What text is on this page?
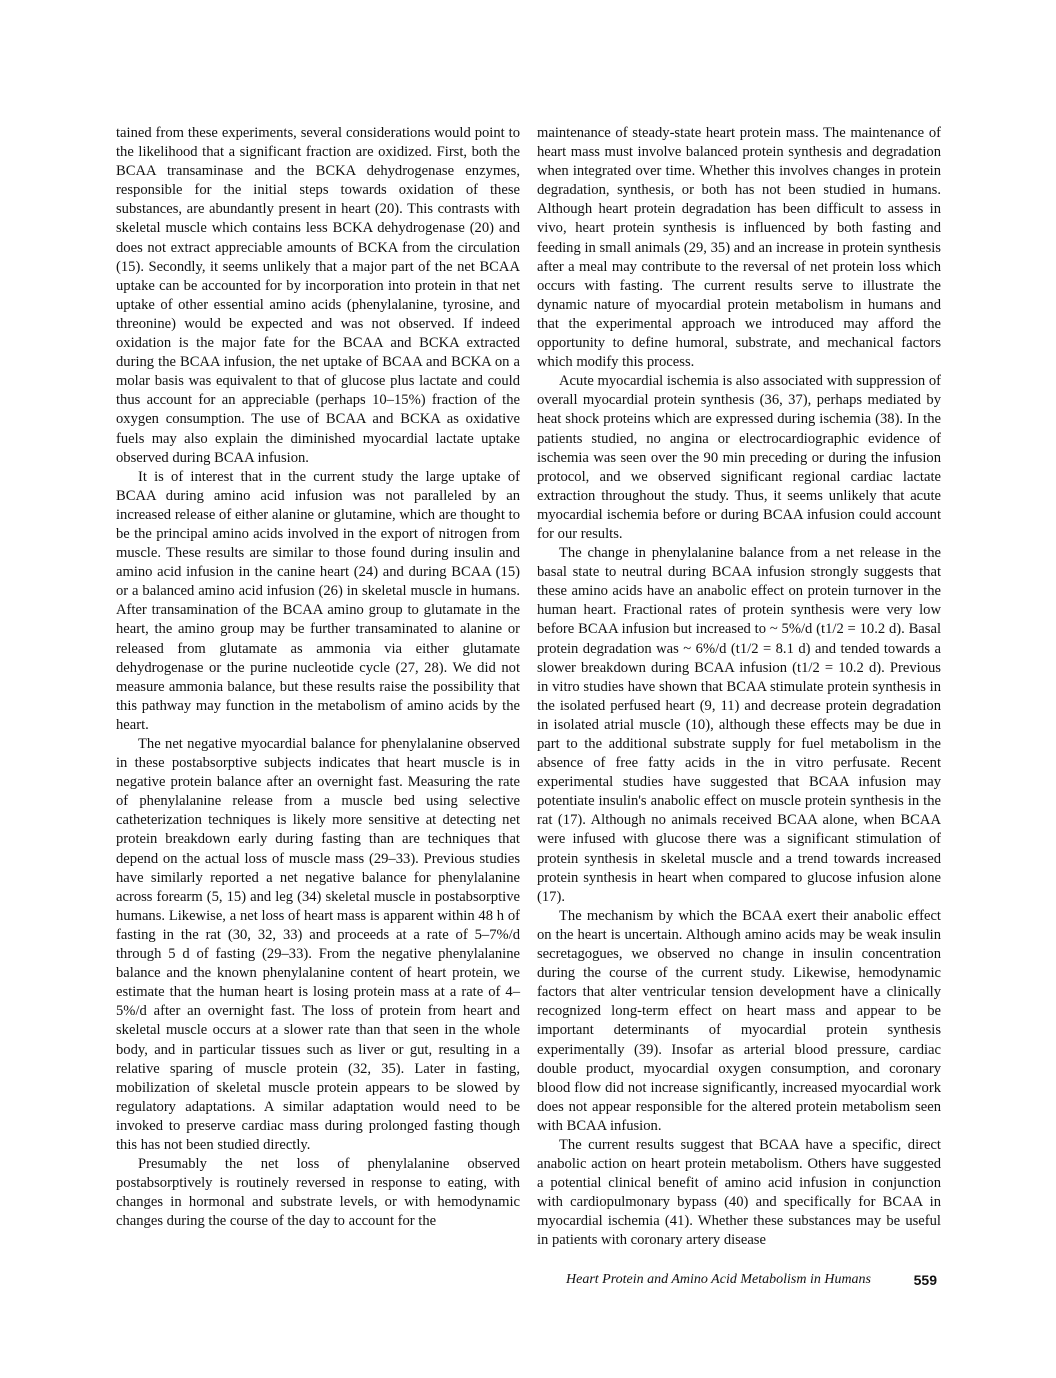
tained from these experiments, several considerations would point to the likelihood that a significant fraction are oxidized. First, both the BCAA transaminase and the BCKA dehydrogenase enzymes, responsible for the initial steps towards oxidation of these substances, are abundantly present in heart (20). This contrasts with skeletal muscle which contains less BCKA dehydrogenase (20) and does not extract appreciable amounts of BCKA from the circulation (15). Secondly, it seems unlikely that a major part of the net BCAA uptake can be accounted for by incorporation into protein in that net uptake of other essential amino acids (phenylalanine, tyrosine, and threonine) would be expected and was not observed. If indeed oxidation is the major fate for the BCAA and BCKA extracted during the BCAA infusion, the net uptake of BCAA and BCKA on a molar basis was equivalent to that of glucose plus lactate and could thus account for an appreciable (perhaps 10–15%) fraction of the oxygen consumption. The use of BCAA and BCKA as oxidative fuels may also explain the diminished myocardial lactate uptake observed during BCAA infusion.

It is of interest that in the current study the large uptake of BCAA during amino acid infusion was not paralleled by an increased release of either alanine or glutamine, which are thought to be the principal amino acids involved in the export of nitrogen from muscle. These results are similar to those found during insulin and amino acid infusion in the canine heart (24) and during BCAA (15) or a balanced amino acid infusion (26) in skeletal muscle in humans. After transamination of the BCAA amino group to glutamate in the heart, the amino group may be further transaminated to alanine or released from glutamate as ammonia via either glutamate dehydrogenase or the purine nucleotide cycle (27, 28). We did not measure ammonia balance, but these results raise the possibility that this pathway may function in the metabolism of amino acids by the heart.

The net negative myocardial balance for phenylalanine observed in these postabsorptive subjects indicates that heart muscle is in negative protein balance after an overnight fast. Measuring the rate of phenylalanine release from a muscle bed using selective catheterization techniques is likely more sensitive at detecting net protein breakdown early during fasting than are techniques that depend on the actual loss of muscle mass (29–33). Previous studies have similarly reported a net negative balance for phenylalanine across forearm (5, 15) and leg (34) skeletal muscle in postabsorptive humans. Likewise, a net loss of heart mass is apparent within 48 h of fasting in the rat (30, 32, 33) and proceeds at a rate of 5–7%/d through 5 d of fasting (29–33). From the negative phenylalanine balance and the known phenylalanine content of heart protein, we estimate that the human heart is losing protein mass at a rate of 4–5%/d after an overnight fast. The loss of protein from heart and skeletal muscle occurs at a slower rate than that seen in the whole body, and in particular tissues such as liver or gut, resulting in a relative sparing of muscle protein (32, 35). Later in fasting, mobilization of skeletal muscle protein appears to be slowed by regulatory adaptations. A similar adaptation would need to be invoked to preserve cardiac mass during prolonged fasting though this has not been studied directly.

Presumably the net loss of phenylalanine observed postabsorptively is routinely reversed in response to eating, with changes in hormonal and substrate levels, or with hemodynamic changes during the course of the day to account for the

maintenance of steady-state heart protein mass. The maintenance of heart mass must involve balanced protein synthesis and degradation when integrated over time. Whether this involves changes in protein degradation, synthesis, or both has not been studied in humans. Although heart protein degradation has been difficult to assess in vivo, heart protein synthesis is influenced by both fasting and feeding in small animals (29, 35) and an increase in protein synthesis after a meal may contribute to the reversal of net protein loss which occurs with fasting. The current results serve to illustrate the dynamic nature of myocardial protein metabolism in humans and that the experimental approach we introduced may afford the opportunity to define humoral, substrate, and mechanical factors which modify this process.

Acute myocardial ischemia is also associated with suppression of overall myocardial protein synthesis (36, 37), perhaps mediated by heat shock proteins which are expressed during ischemia (38). In the patients studied, no angina or electrocardiographic evidence of ischemia was seen over the 90 min preceding or during the infusion protocol, and we observed significant regional cardiac lactate extraction throughout the study. Thus, it seems unlikely that acute myocardial ischemia before or during BCAA infusion could account for our results.

The change in phenylalanine balance from a net release in the basal state to neutral during BCAA infusion strongly suggests that these amino acids have an anabolic effect on protein turnover in the human heart. Fractional rates of protein synthesis were very low before BCAA infusion but increased to ~ 5%/d (t1/2 = 10.2 d). Basal protein degradation was ~ 6%/d (t1/2 = 8.1 d) and tended towards a slower breakdown during BCAA infusion (t1/2 = 10.2 d). Previous in vitro studies have shown that BCAA stimulate protein synthesis in the isolated perfused heart (9, 11) and decrease protein degradation in isolated atrial muscle (10), although these effects may be due in part to the additional substrate supply for fuel metabolism in the absence of free fatty acids in the in vitro perfusate. Recent experimental studies have suggested that BCAA infusion may potentiate insulin's anabolic effect on muscle protein synthesis in the rat (17). Although no animals received BCAA alone, when BCAA were infused with glucose there was a significant stimulation of protein synthesis in skeletal muscle and a trend towards increased protein synthesis in heart when compared to glucose infusion alone (17).

The mechanism by which the BCAA exert their anabolic effect on the heart is uncertain. Although amino acids may be weak insulin secretagogues, we observed no change in insulin concentration during the course of the current study. Likewise, hemodynamic factors that alter ventricular tension development have a clinically recognized long-term effect on heart mass and appear to be important determinants of myocardial protein synthesis experimentally (39). Insofar as arterial blood pressure, cardiac double product, myocardial oxygen consumption, and coronary blood flow did not increase significantly, increased myocardial work does not appear responsible for the altered protein metabolism seen with BCAA infusion.

The current results suggest that BCAA have a specific, direct anabolic action on heart protein metabolism. Others have suggested a potential clinical benefit of amino acid infusion in conjunction with cardiopulmonary bypass (40) and specifically for BCAA in myocardial ischemia (41). Whether these substances may be useful in patients with coronary artery disease

Heart Protein and Amino Acid Metabolism in Humans	559
